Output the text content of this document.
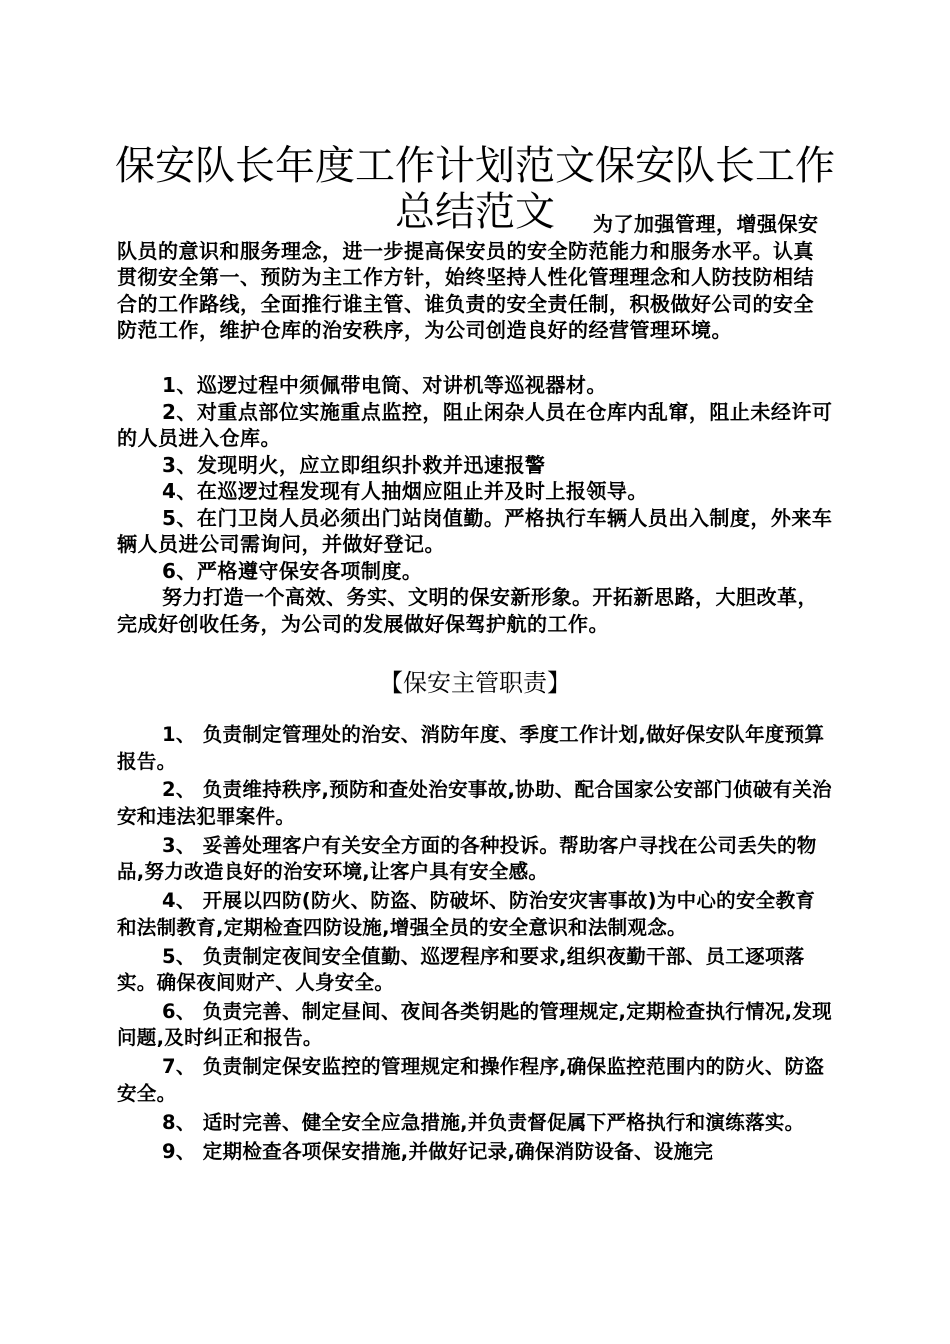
保安队长年度工作计划范文保安队长工作总结范文	为了加强管理，增强保安队员的意识和服务理念，进一步提高保安员的安全防范能力和服务水平。认真贯彻安全第一、预防为主工作方针，始终坚持人性化管理理念和人防技防相结合的工作路线，全面推行谁主管、谁负责的安全责任制，积极做好公司的安全 防范工作，维护仓库的治安秩序，为公司创造良好的经营管理环境。

1、巡逻过程中须佩带电筒、对讲机等巡视器材。

2、对重点部位实施重点监控，阻止闲杂人员在仓库内乱窜，阻止未经许可的人员进入仓库。

3、发现明火，应立即组织扑救并迅速报警

4、在巡逻过程发现有人抽烟应阻止并及时上报领导。

5、在门卫岗人员必须出门站岗值勤。严格执行车辆人员出入制度，外来车辆人员进公司需询问，并做好登记。

6、严格遵守保安各项制度。

努力打造一个高效、务实、文明的保安新形象。开拓新思路，大胆改革，完成好创收任务，为公司的发展做好保驾护航的工作。

【保安主管职责】

1、 负责制定管理处的治安、消防年度、季度工作计划,做好保安队年度预算报告。

2、 负责维持秩序,预防和查处治安事故,协助、配合国家公安部门侦破有关治安和违法犯罪案件。

3、 妥善处理客户有关安全方面的各种投诉。帮助客户寻找在公司丢失的物品,努力改造良好的治安环境,让客户具有安全感。

4、 开展以四防(防火、防盗、防破坏、防治安灾害事故)为中心的安全教育和法制教育,定期检查四防设施,增强全员的安全意识和法制观念。

5、 负责制定夜间安全值勤、巡逻程序和要求,组织夜勤干部、员工逐项落实。确保夜间财产、人身安全。

6、 负责完善、制定昼间、夜间各类钥匙的管理规定,定期检查执行情况,发现问题,及时纠正和报告。

7、 负责制定保安监控的管理规定和操作程序,确保监控范围内的防火、防盗安全。

8、 适时完善、健全安全应急措施,并负责督促属下严格执行和演练落实。

9、 定期检查各项保安措施,并做好记录,确保消防设备、设施完
